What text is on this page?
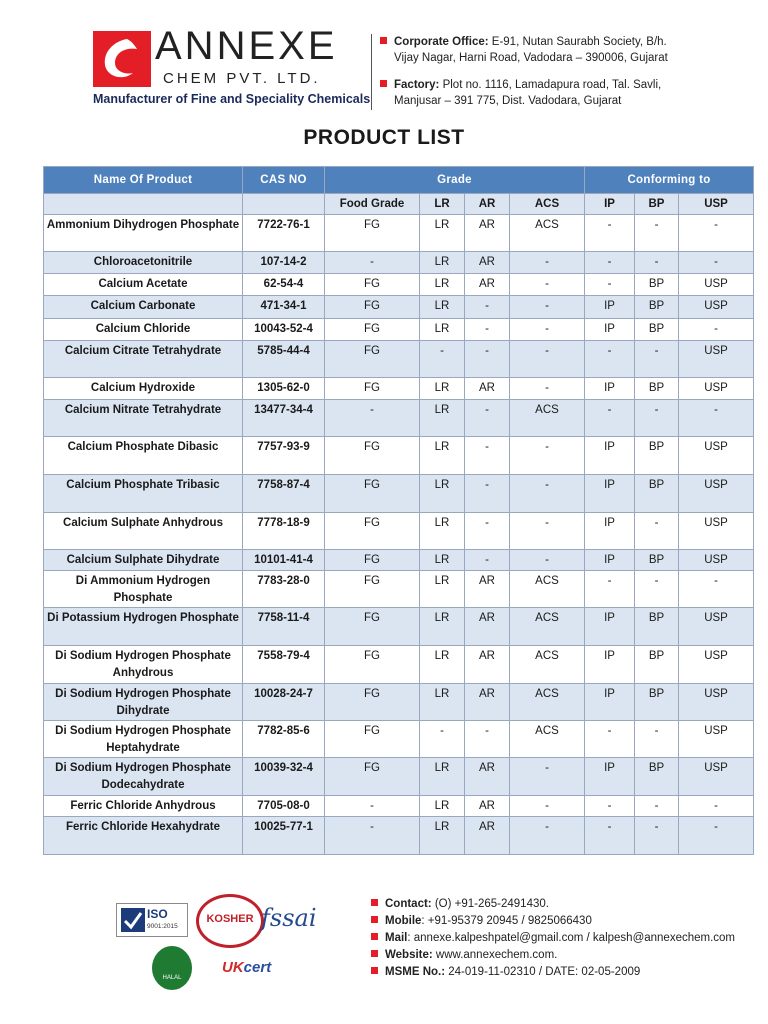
ANNEXE
CHEM PVT. LTD.
Manufacturer of Fine and Speciality Chemicals
Corporate Office: E-91, Nutan Saurabh Society, B/h.
Vijay Nagar, Harni Road, Vadodara – 390006, Gujarat
Factory: Plot no. 1116, Lamadapura road, Tal. Savli,
Manjusar – 391 775, Dist. Vadodara, Gujarat
PRODUCT LIST
Name Of Product	CAS NO	Grade				Conforming to		
		Food Grade	LR	AR	ACS	IP	BP	USP
Ammonium Dihydrogen Phosphate	7722-76-1	FG	LR	AR	ACS	-	-	-
Chloroacetonitrile	107-14-2	-	LR	AR	-	-	-	-
Calcium Acetate	62-54-4	FG	LR	AR	-	-	BP	USP
Calcium Carbonate	471-34-1	FG	LR	-	-	IP	BP	USP
Calcium Chloride	10043-52-4	FG	LR	-	-	IP	BP	-
Calcium Citrate Tetrahydrate	5785-44-4	FG	-	-	-	-	-	USP
Calcium Hydroxide	1305-62-0	FG	LR	AR	-	IP	BP	USP
Calcium Nitrate Tetrahydrate	13477-34-4	-	LR	-	ACS	-	-	-
Calcium Phosphate Dibasic	7757-93-9	FG	LR	-	-	IP	BP	USP
Calcium Phosphate Tribasic	7758-87-4	FG	LR	-	-	IP	BP	USP
Calcium Sulphate Anhydrous	7778-18-9	FG	LR	-	-	IP	-	USP
Calcium Sulphate Dihydrate	10101-41-4	FG	LR	-	-	IP	BP	USP
Di Ammonium Hydrogen Phosphate	7783-28-0	FG	LR	AR	ACS	-	-	-
Di Potassium Hydrogen Phosphate	7758-11-4	FG	LR	AR	ACS	IP	BP	USP
Di Sodium Hydrogen Phosphate Anhydrous	7558-79-4	FG	LR	AR	ACS	IP	BP	USP
Di Sodium Hydrogen Phosphate Dihydrate	10028-24-7	FG	LR	AR	ACS	IP	BP	USP
Di Sodium Hydrogen Phosphate Heptahydrate	7782-85-6	FG	-	-	ACS	-	-	USP
Di Sodium Hydrogen Phosphate Dodecahydrate	10039-32-4	FG	LR	AR	-	IP	BP	USP
Ferric Chloride Anhydrous	7705-08-0	-	LR	AR	-	-	-	-
Ferric Chloride Hexahydrate	10025-77-1	-	LR	AR	-	-	-	-
ISO
9001:2015
KOSHER fssai
HALAL
UKcert
Contact: (O) +91-265-2491430.
Mobile: +91-95379 20945 / 9825066430
Mail: annexe.kalpeshpatel@gmail.com / kalpesh@annexechem.com
Website: www.annexechem.com.
MSME No.: 24-019-11-02310 / DATE: 02-05-2009
